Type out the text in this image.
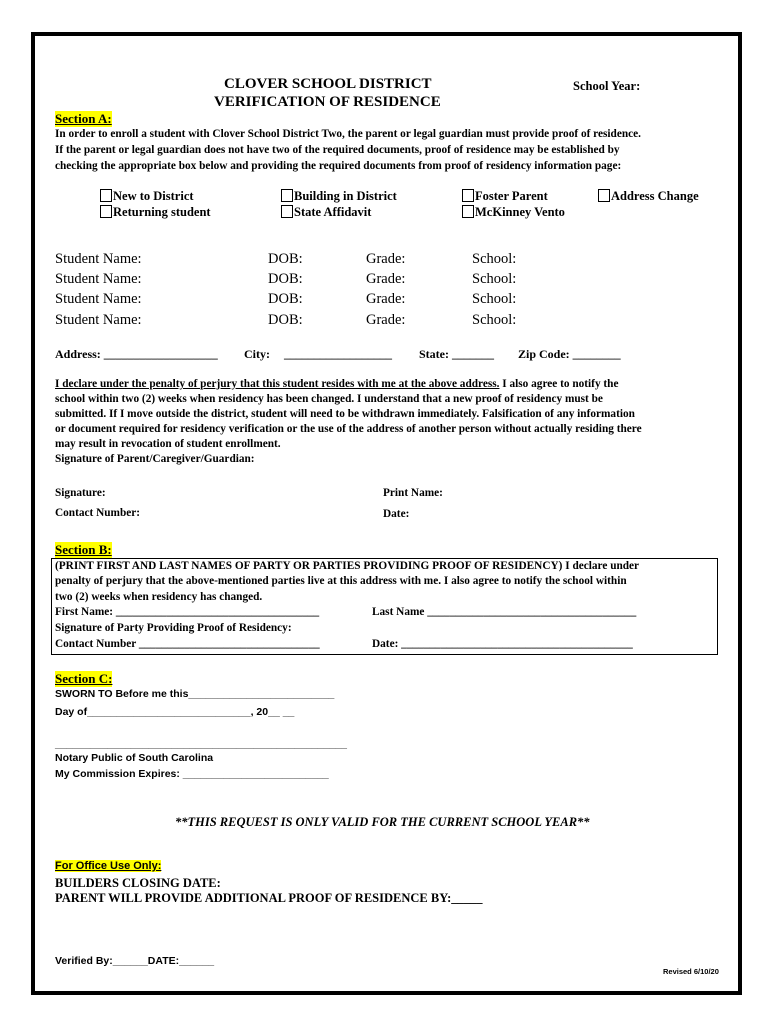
CLOVER SCHOOL DISTRICT
VERIFICATION OF RESIDENCE
School Year:
Section A:
In order to enroll a student with Clover School District Two, the parent or legal guardian must provide proof of residence.
If the parent or legal guardian does not have two of the required documents, proof of residence may be established by
checking the appropriate box below and providing the required documents from proof of residency information page:
New to District
Returning student
Building in District
State Affidavit
Foster Parent
McKinney Vento
Address Change
Student Name:	DOB:	Grade:	School:
Student Name:	DOB:	Grade:	School:
Student Name:	DOB:	Grade:	School:
Student Name:	DOB:	Grade:	School:
Address: ___________________ City: __________________ State: _______ Zip Code: ________
I declare under the penalty of perjury that this student resides with me at the above address. I also agree to notify the
school within two (2) weeks when residency has been changed. I understand that a new proof of residency must be
submitted. If I move outside the district, student will need to be withdrawn immediately. Falsification of any information
or document required for residency verification or the use of the address of another person without actually residing there
may result in revocation of student enrollment.
Signature of Parent/Caregiver/Guardian:
Signature:	Print Name:
Contact Number:	Date:
Section B:
(PRINT FIRST AND LAST NAMES OF PARTY OR PARTIES PROVIDING PROOF OF RESIDENCY) I declare under
penalty of perjury that the above-mentioned parties live at this address with me. I also agree to notify the school within
two (2) weeks when residency has changed.
First Name: ____________________________________	Last Name _____________________________________
Signature of Party Providing Proof of Residency:
Contact Number ________________________________	Date: _________________________________________
Section C:
SWORN TO Before me this_________________________
Day of____________________________, 20__ __
__________________________________________________
Notary Public of South Carolina
My Commission Expires: _________________________
**THIS REQUEST IS ONLY VALID FOR THE CURRENT SCHOOL YEAR**
For Office Use Only:
BUILDERS CLOSING DATE:
PARENT WILL PROVIDE ADDITIONAL PROOF OF RESIDENCE BY:_____
Verified By:______DATE:______
Revised 6/10/20
